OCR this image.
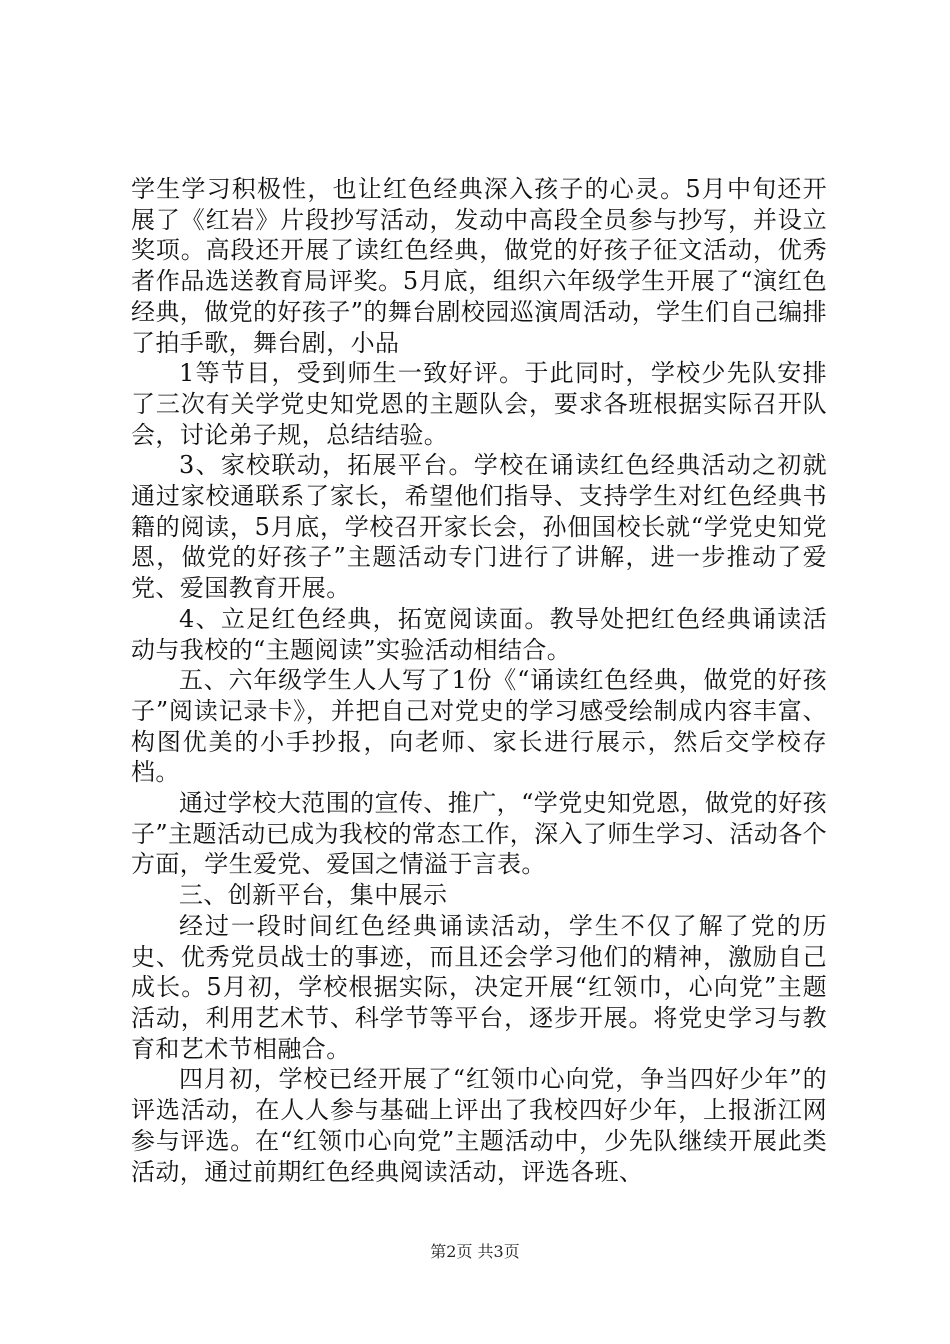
学生学习积极性，也让红色经典深入孩子的心灵。5月中旬还开展了《红岩》片段抄写活动，发动中高段全员参与抄写，并设立奖项。高段还开展了读红色经典，做党的好孩子征文活动，优秀者作品选送教育局评奖。5月底，组织六年级学生开展了“演红色经典，做党的好孩子”的舞台剧校园巡演周活动，学生们自己编排了拍手歌，舞台剧，小品

1等节目，受到师生一致好评。于此同时，学校少先队安排了三次有关学党史知党恩的主题队会，要求各班根据实际召开队会，讨论弟子规，总结结验。

3、家校联动，拓展平台。学校在诵读红色经典活动之初就通过家校通联系了家长，希望他们指导、支持学生对红色经典书籍的阅读，5月底，学校召开家长会，孙佃国校长就“学党史知党恩，做党的好孩子”主题活动专门进行了讲解，进一步推动了爱党、爱国教育开展。

4、立足红色经典，拓宽阅读面。教导处把红色经典诵读活动与我校的“主题阅读”实验活动相结合。

五、六年级学生人人写了1份《“诵读红色经典，做党的好孩子”阅读记录卡》，并把自己对党史的学习感受绘制成内容丰富、构图优美的小手抄报，向老师、家长进行展示，然后交学校存档。

通过学校大范围的宣传、推广，“学党史知党恩，做党的好孩子”主题活动已成为我校的常态工作，深入了师生学习、活动各个方面，学生爱党、爱国之情溢于言表。

三、创新平台，集中展示

经过一段时间红色经典诵读活动，学生不仅了解了党的历史、优秀党员战士的事迹，而且还会学习他们的精神，激励自己成长。5月初，学校根据实际，决定开展“红领巾，心向党”主题活动，利用艺术节、科学节等平台，逐步开展。将党史学习与教育和艺术节相融合。

四月初，学校已经开展了“红领巾心向党，争当四好少年”的评选活动，在人人参与基础上评出了我校四好少年，上报浙江网参与评选。在“红领巾心向党”主题活动中，少先队继续开展此类活动，通过前期红色经典阅读活动，评选各班、

第2页 共3页
